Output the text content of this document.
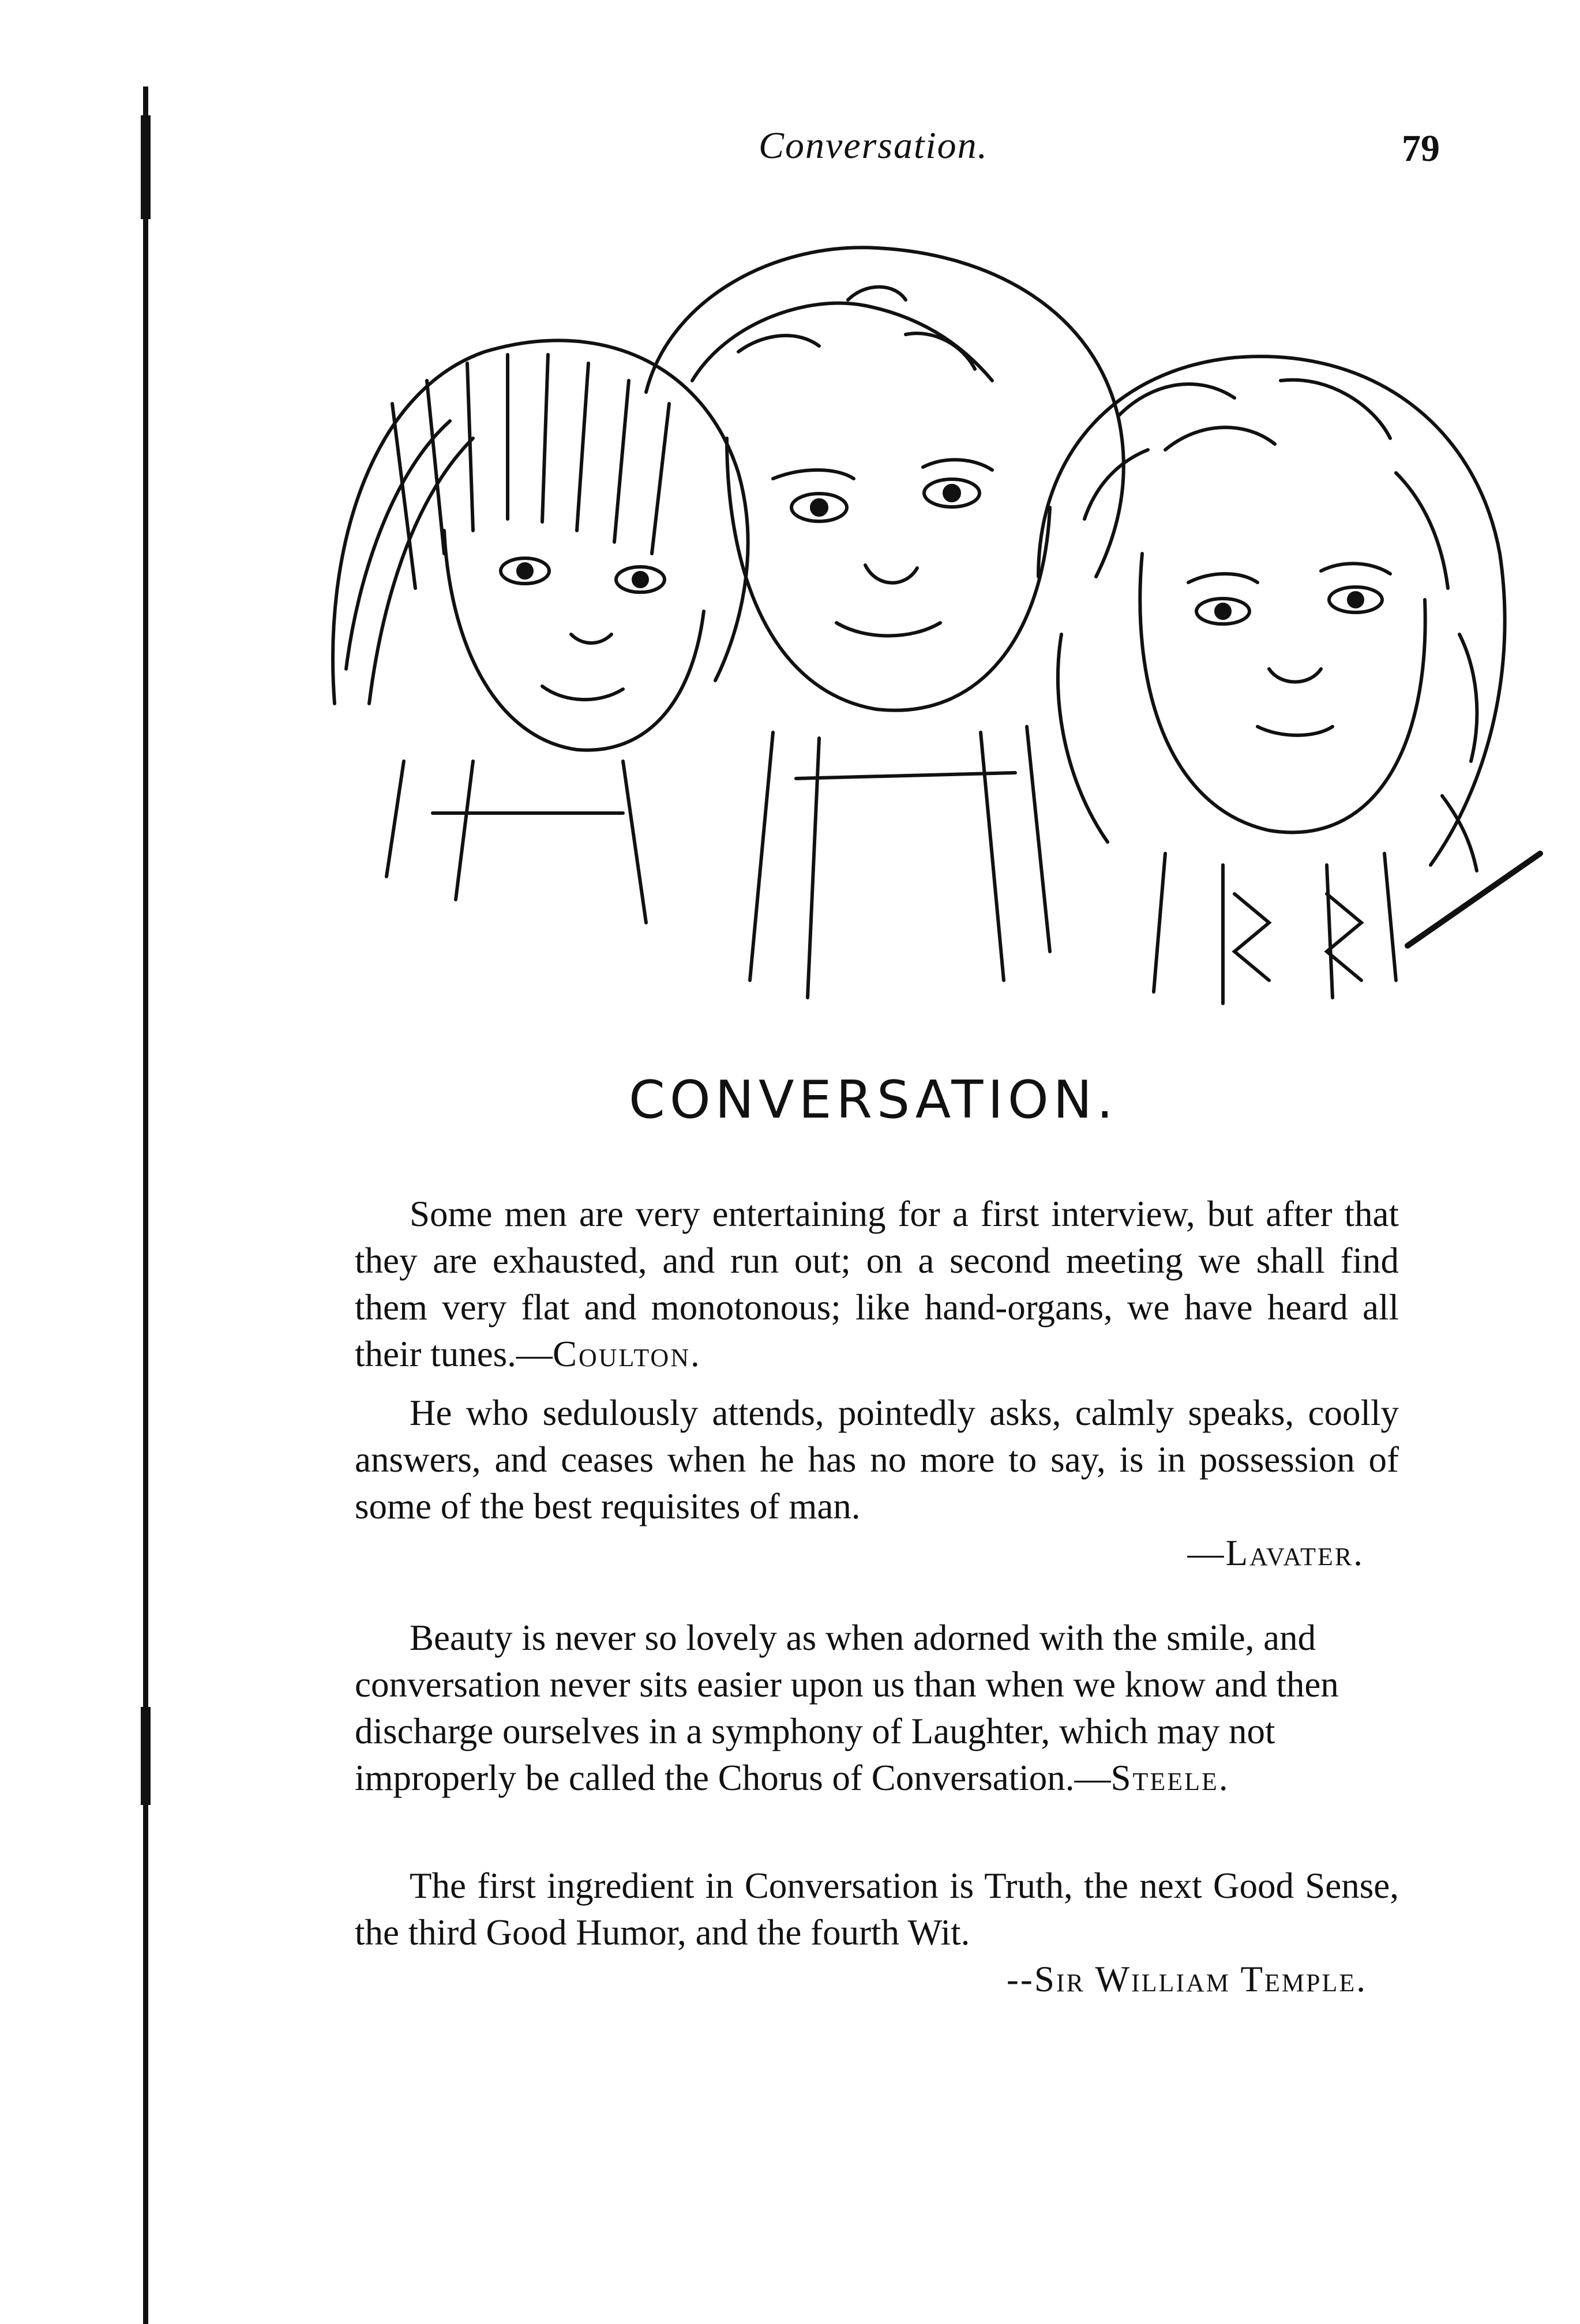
Conversation.	79
CONVERSATION.

Some men are very entertaining for a first interview, but after that they are exhausted, and run out; on a second meeting we shall find them very flat and monotonous; like hand-organs, we have heard all their tunes.—Coulton.

He who sedulously attends, pointedly asks, calmly speaks, coolly answers, and ceases when he has no more to say, is in possession of some of the best requisites of man.

—Lavater.

Beauty is never so lovely as when adorned with the smile, and conversation never sits easier upon us than when we know and then discharge ourselves in a symphony of Laughter, which may not improperly be called the Chorus of Conversation.—Steele.

The first ingredient in Conversation is Truth, the next Good Sense, the third Good Humor, and the fourth Wit.

--Sir William Temple.
